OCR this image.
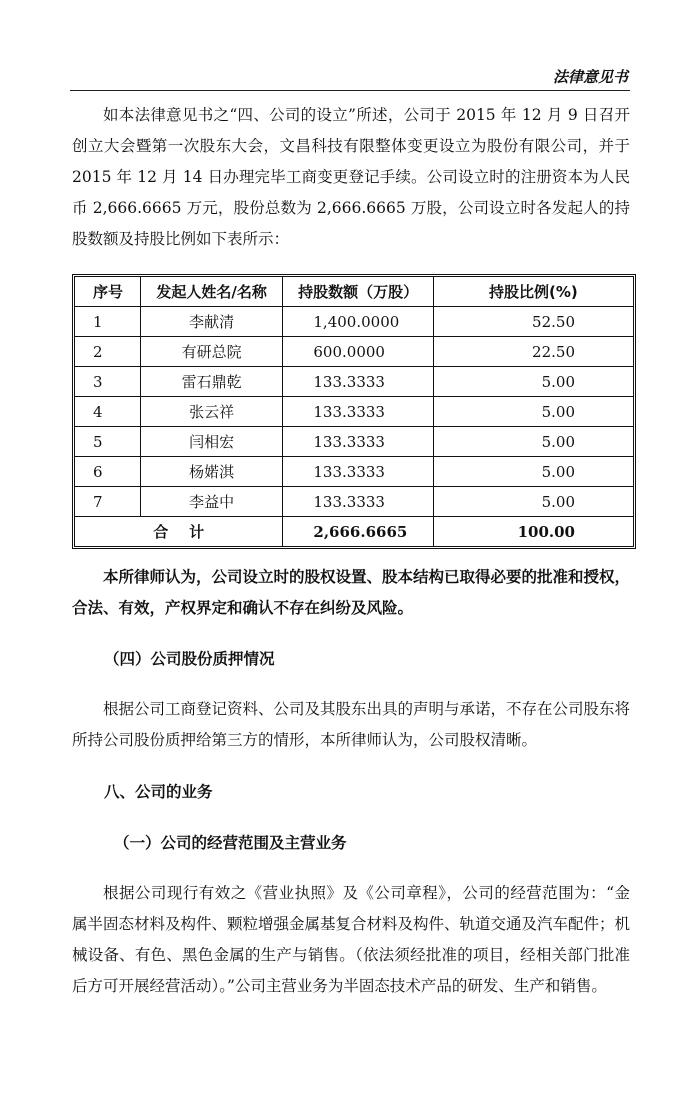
法律意见书

如本法律意见书之“四、公司的设立”所述，公司于 2015 年 12 月 9 日召开创立大会暨第一次股东大会，文昌科技有限整体变更设立为股份有限公司，并于 2015 年 12 月 14 日办理完毕工商变更登记手续。公司设立时的注册资本为人民币 2,666.6665 万元，股份总数为 2,666.6665 万股，公司设立时各发起人的持股数额及持股比例如下表所示：

序号	发起人姓名/名称	持股数额（万股）	持股比例(%)
1	李献清	1,400.0000	52.50
2	有研总院	600.0000	22.50
3	雷石鼎乾	133.3333	5.00
4	张云祥	133.3333	5.00
5	闫相宏	133.3333	5.00
6	杨婼淇	133.3333	5.00
7	李益中	133.3333	5.00
合    计		2,666.6665	100.00

本所律师认为，公司设立时的股权设置、股本结构已取得必要的批准和授权，合法、有效，产权界定和确认不存在纠纷及风险。

（四）公司股份质押情况

根据公司工商登记资料、公司及其股东出具的声明与承诺，不存在公司股东将所持公司股份质押给第三方的情形，本所律师认为，公司股权清晰。

八、公司的业务
（一）公司的经营范围及主营业务

根据公司现行有效之《营业执照》及《公司章程》，公司的经营范围为：“金属半固态材料及构件、颗粒增强金属基复合材料及构件、轨道交通及汽车配件；机械设备、有色、黑色金属的生产与销售。（依法须经批准的项目，经相关部门批准后方可开展经营活动）。”公司主营业务为半固态技术产品的研发、生产和销售。
